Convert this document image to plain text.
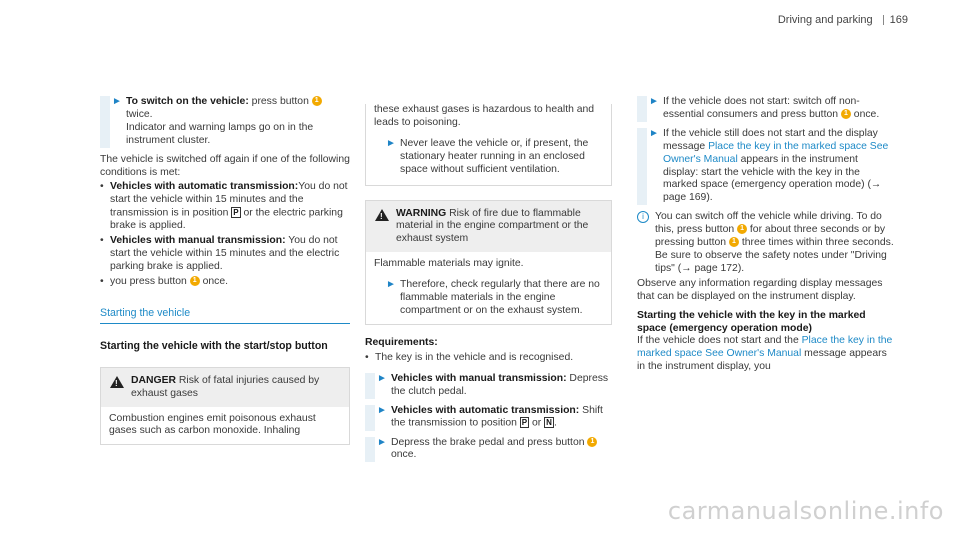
Driving and parking	169
► To switch on the vehicle: press button 1 twice.
Indicator and warning lamps go on in the instrument cluster.
The vehicle is switched off again if one of the following conditions is met:
• Vehicles with automatic transmission:You do not start the vehicle within 15 minutes and the transmission is in position P or the electric parking brake is applied.
• Vehicles with manual transmission: You do not start the vehicle within 15 minutes and the electric parking brake is applied.
• you press button 1 once.
Starting the vehicle
Starting the vehicle with the start/stop button
!
DANGER Risk of fatal injuries caused by exhaust gases
Combustion engines emit poisonous exhaust gases such as carbon monoxide. Inhaling
these exhaust gases is hazardous to health and leads to poisoning.
► Never leave the vehicle or, if present, the stationary heater running in an enclosed space without sufficient ventilation.
!
WARNING Risk of fire due to flammable material in the engine compartment or the exhaust system
Flammable materials may ignite.
► Therefore, check regularly that there are no flammable materials in the engine compartment or on the exhaust system.
Requirements:
• The key is in the vehicle and is recognised.
► Vehicles with manual transmission: Depress the clutch pedal.
► Vehicles with automatic transmission: Shift the transmission to position P or N .
► Depress the brake pedal and press button 1 once.
► If the vehicle does not start: switch off non-essential consumers and press button 1 once.
► If the vehicle still does not start and the display message Place the key in the marked space See Owner's Manual appears in the instrument display: start the vehicle with the key in the marked space (emergency operation mode) (→ page 169).
i	You can switch off the vehicle while driving. To do this, press button 1 for about three seconds or by pressing button 1 three times within three seconds. Be sure to observe the safety notes under "Driving tips" (→ page 172).
Observe any information regarding display messages that can be displayed on the instrument display.
Starting the vehicle with the key in the marked space (emergency operation mode)
If the vehicle does not start and the Place the key in the marked space See Owner's Manual message appears in the instrument display, you
carmanualsonline.info
